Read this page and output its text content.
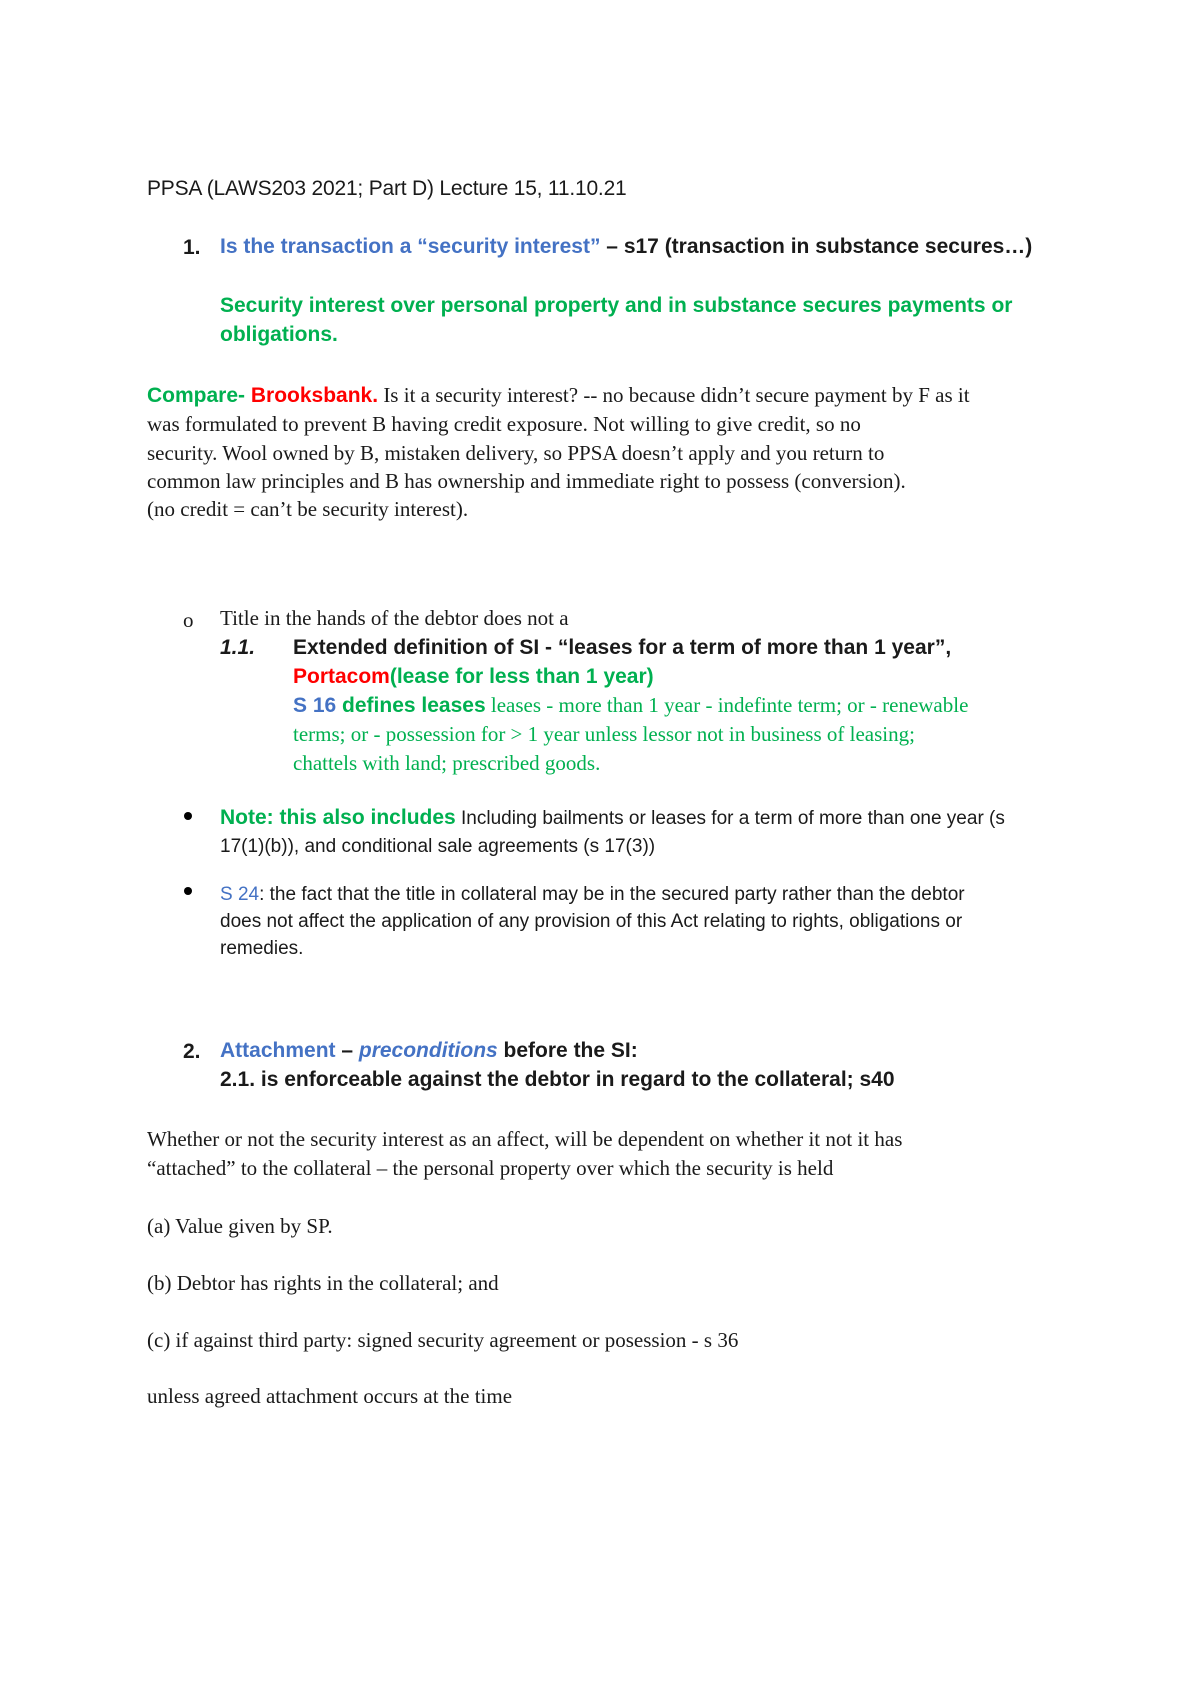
PPSA (LAWS203 2021; Part D) Lecture 15, 11.10.21
1. Is the transaction a “security interest” – s17 (transaction in substance secures…)
Security interest over personal property and in substance secures payments or
obligations.
Compare- Brooksbank. Is it a security interest? -- no because didn’t secure payment by F as it
was formulated to prevent B having credit exposure. Not willing to give credit, so no
security. Wool owned by B, mistaken delivery, so PPSA doesn’t apply and you return to
common law principles and B has ownership and immediate right to possess (conversion).
(no credit = can’t be security interest).
o Title in the hands of the debtor does not a
1.1. Extended definition of SI - “leases for a term of more than 1 year”,
Portacom(lease for less than 1 year)
S 16 defines leases leases - more than 1 year - indefinte term; or - renewable
terms; or - possession for > 1 year unless lessor not in business of leasing;
chattels with land; prescribed goods.
Note: this also includes Including bailments or leases for a term of more than one year (s
17(1)(b)), and conditional sale agreements (s 17(3))
S 24: the fact that the title in collateral may be in the secured party rather than the debtor
does not affect the application of any provision of this Act relating to rights, obligations or
remedies.
2. Attachment – preconditions before the SI:
2.1. is enforceable against the debtor in regard to the collateral; s40
Whether or not the security interest as an affect, will be dependent on whether it not it has
“attached” to the collateral – the personal property over which the security is held
(a) Value given by SP.
(b) Debtor has rights in the collateral; and
(c) if against third party: signed security agreement or posession - s 36
unless agreed attachment occurs at the time
